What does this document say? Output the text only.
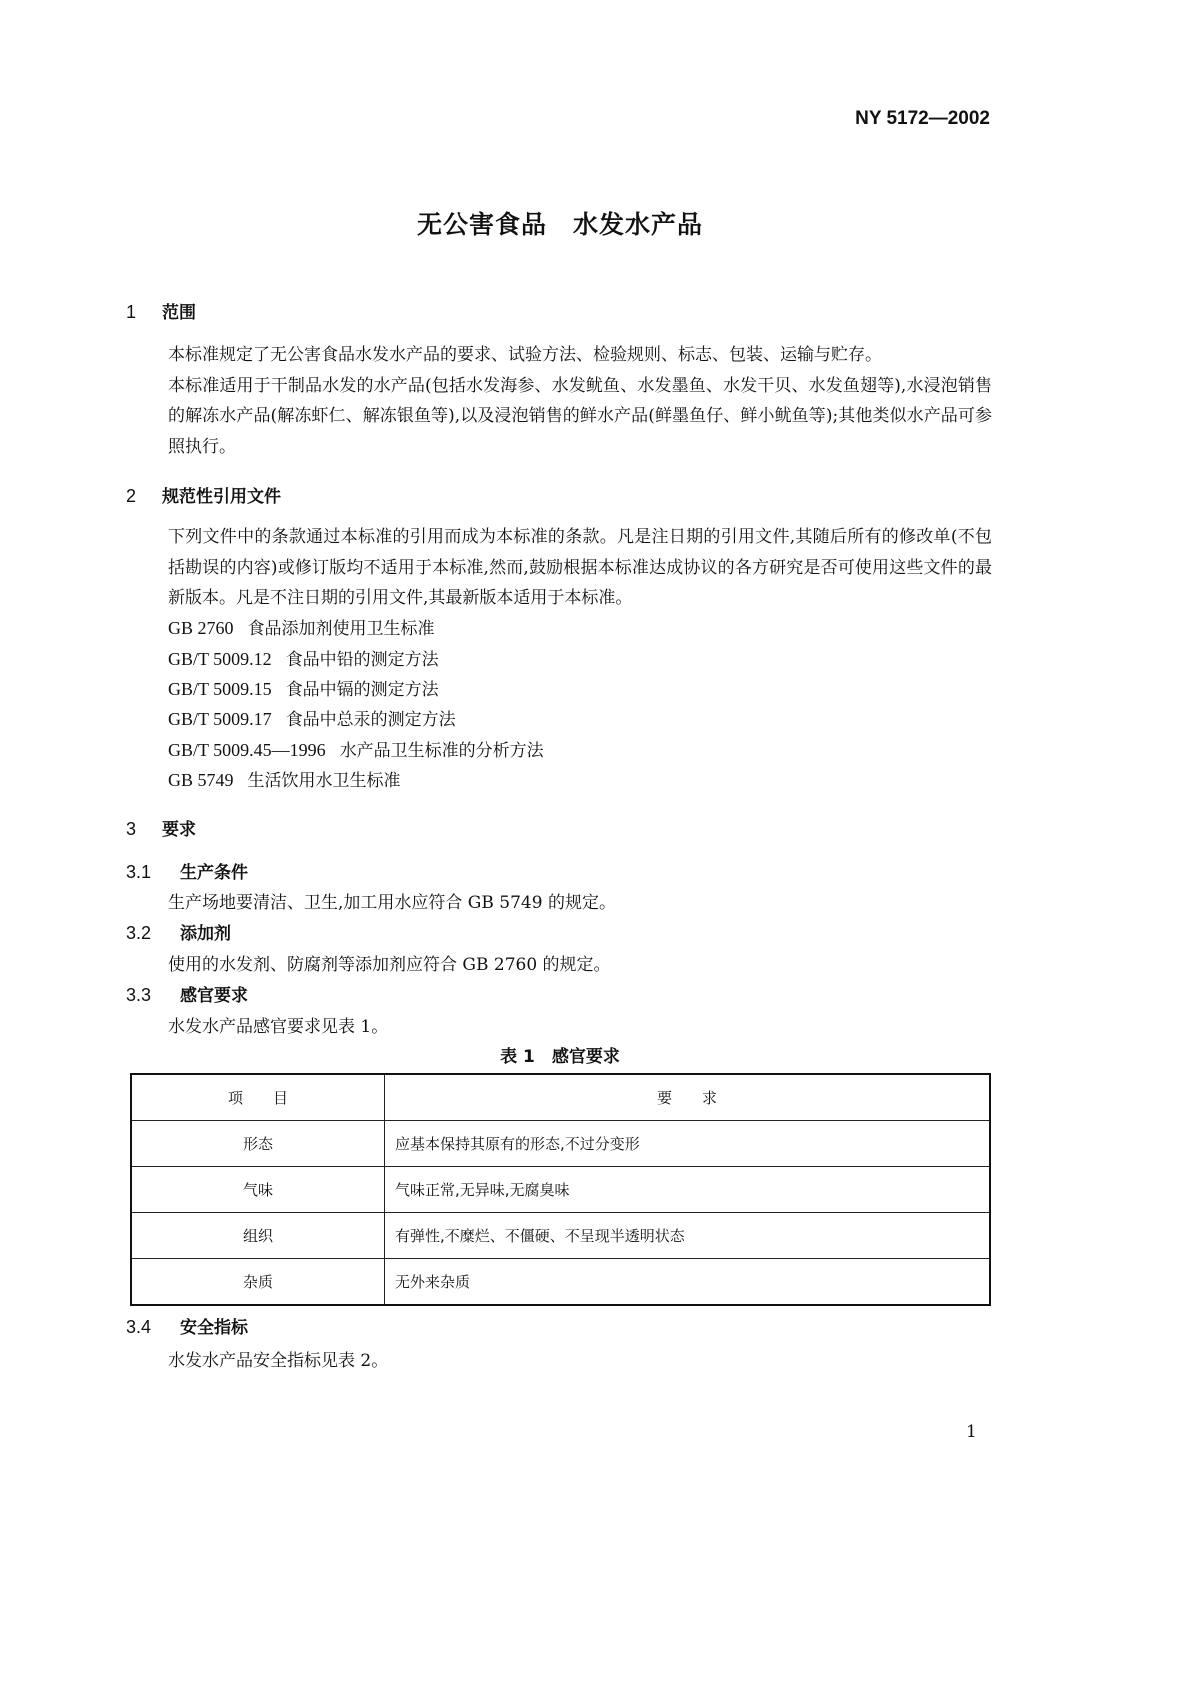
NY 5172—2002
无公害食品　水发水产品
1 范围
本标准规定了无公害食品水发水产品的要求、试验方法、检验规则、标志、包装、运输与贮存。
本标准适用于干制品水发的水产品(包括水发海参、水发鱿鱼、水发墨鱼、水发干贝、水发鱼翅等),水浸泡销售的解冻水产品(解冻虾仁、解冻银鱼等),以及浸泡销售的鲜水产品(鲜墨鱼仔、鲜小鱿鱼等);其他类似水产品可参照执行。
2 规范性引用文件
下列文件中的条款通过本标准的引用而成为本标准的条款。凡是注日期的引用文件,其随后所有的修改单(不包括勘误的内容)或修订版均不适用于本标准,然而,鼓励根据本标准达成协议的各方研究是否可使用这些文件的最新版本。凡是不注日期的引用文件,其最新版本适用于本标准。
GB 2760 食品添加剂使用卫生标准
GB/T 5009.12 食品中铅的测定方法
GB/T 5009.15 食品中镉的测定方法
GB/T 5009.17 食品中总汞的测定方法
GB/T 5009.45—1996 水产品卫生标准的分析方法
GB 5749 生活饮用水卫生标准
3 要求
3.1 生产条件
生产场地要清洁、卫生,加工用水应符合 GB 5749 的规定。
3.2 添加剂
使用的水发剂、防腐剂等添加剂应符合 GB 2760 的规定。
3.3 感官要求
水发水产品感官要求见表 1。
表 1　感官要求
项　　目	要　　求
形态	应基本保持其原有的形态,不过分变形
气味	气味正常,无异味,无腐臭味
组织	有弹性,不糜烂、不僵硬、不呈现半透明状态
杂质	无外来杂质
3.4 安全指标
水发水产品安全指标见表 2。
1
